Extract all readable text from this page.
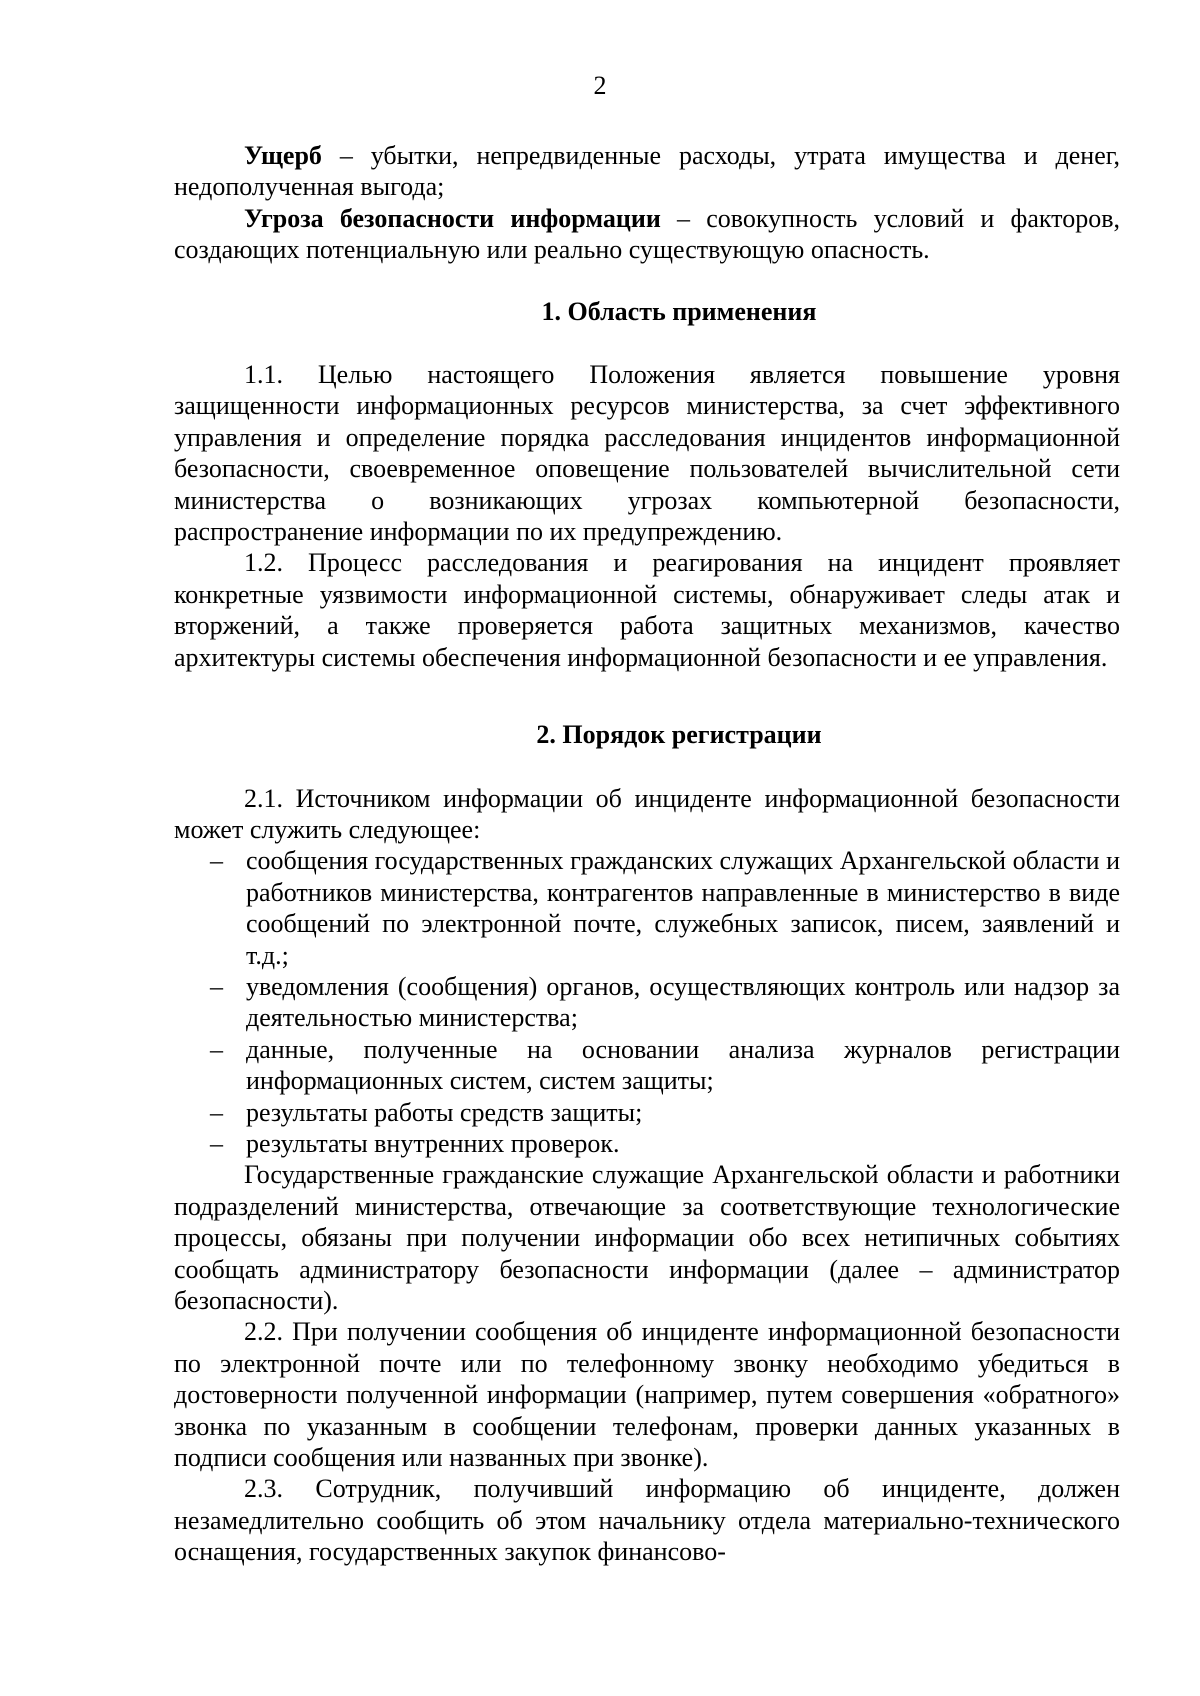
2

Ущерб – убытки, непредвиденные расходы, утрата имущества и денег, недополученная выгода;

Угроза безопасности информации – совокупность условий и факторов, создающих потенциальную или реально существующую опасность.

1. Область применения

1.1. Целью настоящего Положения является повышение уровня защищенности информационных ресурсов министерства, за счет эффективного управления и определение порядка расследования инцидентов информационной безопасности, своевременное оповещение пользователей вычислительной сети министерства о возникающих угрозах компьютерной безопасности, распространение информации по их предупреждению.

1.2. Процесс расследования и реагирования на инцидент проявляет конкретные уязвимости информационной системы, обнаруживает следы атак и вторжений, а также проверяется работа защитных механизмов, качество архитектуры системы обеспечения информационной безопасности и ее управления.

2. Порядок регистрации

2.1. Источником информации об инциденте информационной безопасности может служить следующее:

– сообщения государственных гражданских служащих Архангельской области и работников министерства, контрагентов направленные в министерство в виде сообщений по электронной почте, служебных записок, писем, заявлений и т.д.;
– уведомления (сообщения) органов, осуществляющих контроль или надзор за деятельностью министерства;
– данные, полученные на основании анализа журналов регистрации информационных систем, систем защиты;
– результаты работы средств защиты;
– результаты внутренних проверок.

Государственные гражданские служащие Архангельской области и работники подразделений министерства, отвечающие за соответствующие технологические процессы, обязаны при получении информации обо всех нетипичных событиях сообщать администратору безопасности информации (далее – администратор безопасности).

2.2. При получении сообщения об инциденте информационной безопасности по электронной почте или по телефонному звонку необходимо убедиться в достоверности полученной информации (например, путем совершения «обратного» звонка по указанным в сообщении телефонам, проверки данных указанных в подписи сообщения или названных при звонке).

2.3. Сотрудник, получивший информацию об инциденте, должен незамедлительно сообщить об этом начальнику отдела материально-технического оснащения, государственных закупок финансово-
